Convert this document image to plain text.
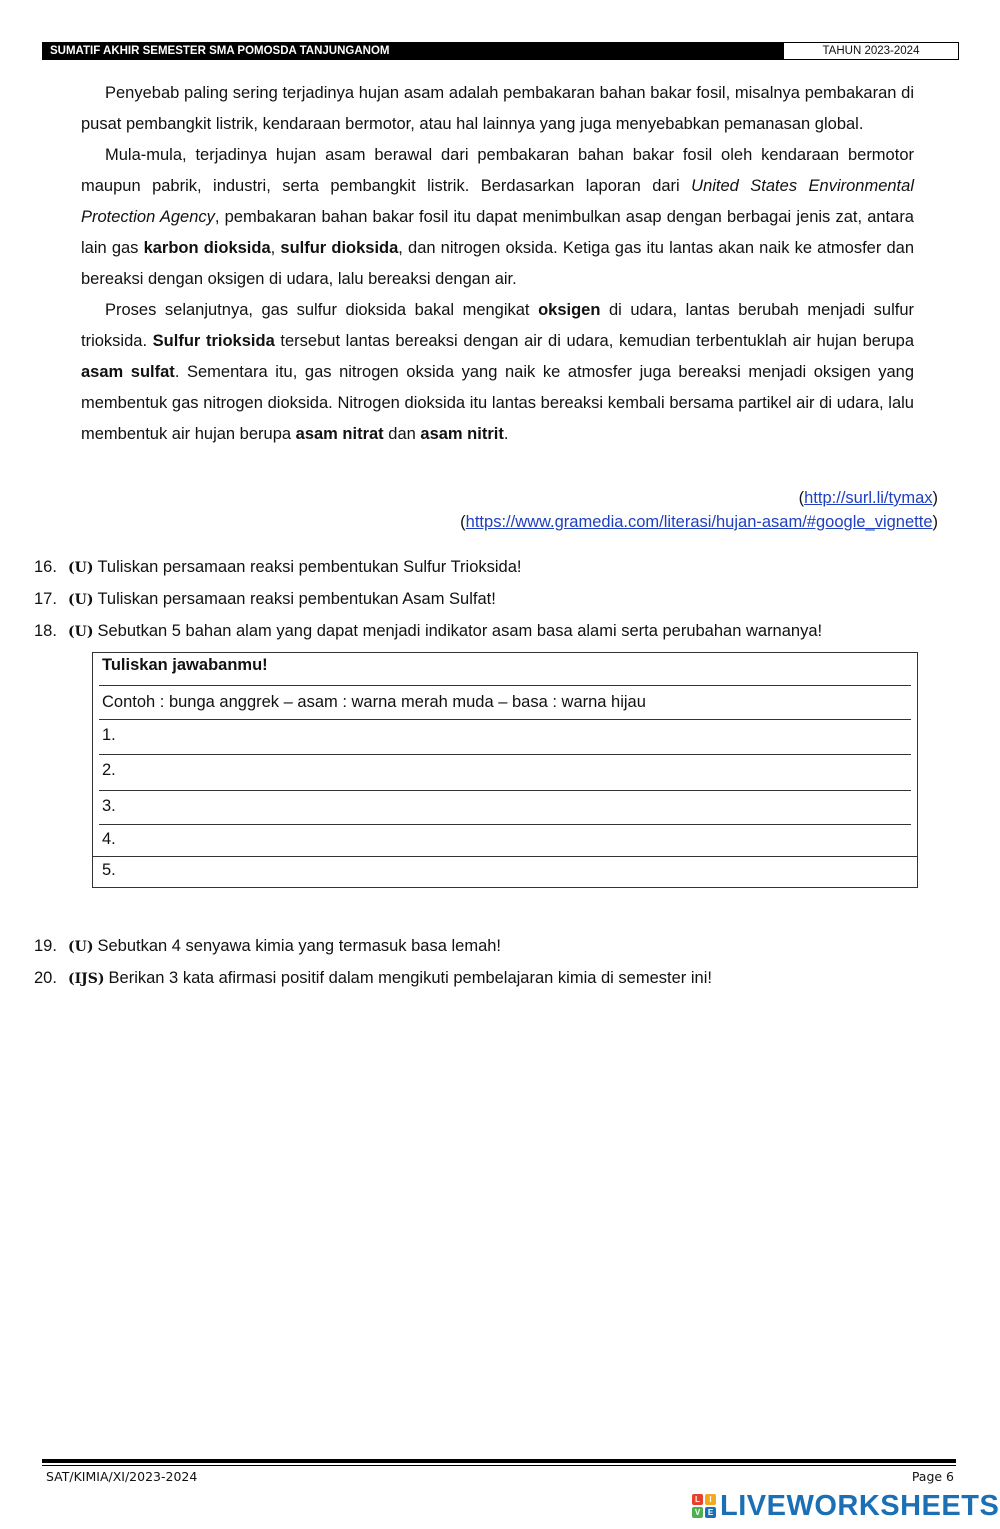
SUMATIF AKHIR SEMESTER SMA POMOSDA TANJUNGANOM	TAHUN 2023-2024

Penyebab paling sering terjadinya hujan asam adalah pembakaran bahan bakar fosil, misalnya pembakaran di pusat pembangkit listrik, kendaraan bermotor, atau hal lainnya yang juga menyebabkan pemanasan global.

Mula-mula, terjadinya hujan asam berawal dari pembakaran bahan bakar fosil oleh kendaraan bermotor maupun pabrik, industri, serta pembangkit listrik. Berdasarkan laporan dari United States Environmental Protection Agency, pembakaran bahan bakar fosil itu dapat menimbulkan asap dengan berbagai jenis zat, antara lain gas karbon dioksida, sulfur dioksida, dan nitrogen oksida. Ketiga gas itu lantas akan naik ke atmosfer dan bereaksi dengan oksigen di udara, lalu bereaksi dengan air.

Proses selanjutnya, gas sulfur dioksida bakal mengikat oksigen di udara, lantas berubah menjadi sulfur trioksida. Sulfur trioksida tersebut lantas bereaksi dengan air di udara, kemudian terbentuklah air hujan berupa asam sulfat. Sementara itu, gas nitrogen oksida yang naik ke atmosfer juga bereaksi menjadi oksigen yang membentuk gas nitrogen dioksida. Nitrogen dioksida itu lantas bereaksi kembali bersama partikel air di udara, lalu membentuk air hujan berupa asam nitrat dan asam nitrit.

(http://surl.li/tymax)
(https://www.gramedia.com/literasi/hujan-asam/#google_vignette)
16. (U) Tuliskan persamaan reaksi pembentukan Sulfur Trioksida!
17. (U) Tuliskan persamaan reaksi pembentukan Asam Sulfat!
18. (U) Sebutkan 5 bahan alam yang dapat menjadi indikator asam basa alami serta perubahan warnanya!
Tuliskan jawabanmu!
Contoh : bunga anggrek – asam : warna merah muda – basa : warna hijau
1.
2.
3.
4.
5.
19. (U) Sebutkan 4 senyawa kimia yang termasuk basa lemah!
20. (IJS) Berikan 3 kata afirmasi positif dalam mengikuti pembelajaran kimia di semester ini!
SAT/KIMIA/XI/2023-2024	Page 6
L	I
V E LIVEWORKSHEETS
